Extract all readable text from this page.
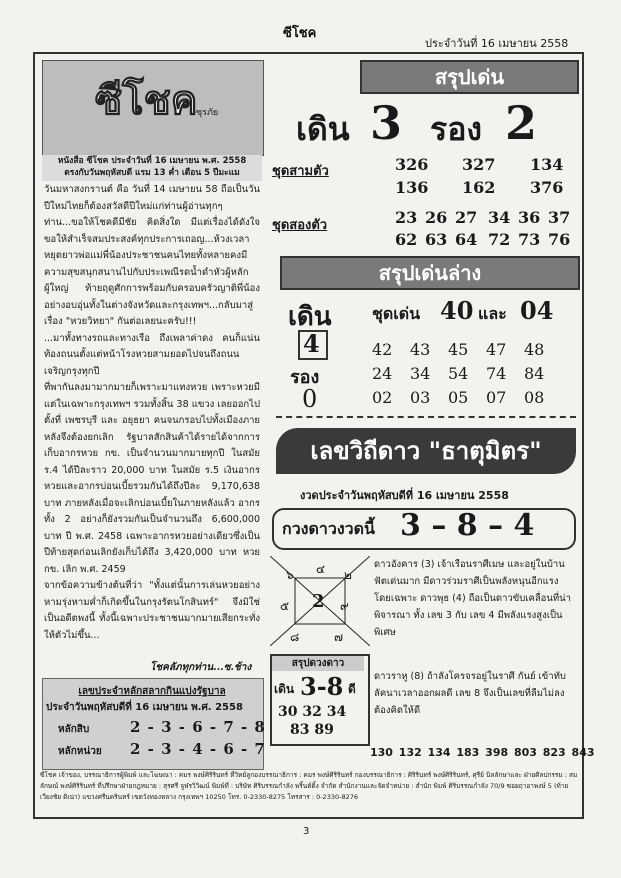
ซีโชค
ประจำวันที่ 16 เมษายน 2558
ซีโชค
ซุรภัย
หนังสือ ซีโชค ประจำวันที่ 16 เมษายน พ.ศ. 2558
ตรงกับวันพฤหัสบดี แรม 13 ค่ำ เดือน 5 ปีมะแม

วันมหาสงกรานต์ คือ วันที่ 14 เมษายน 58 ถือเป็นวันปีใหม่ไทยก็ต้องสวัสดีปีใหม่แก่ท่านผู้อ่านทุกๆท่าน...ขอให้โชคดีมีชัย คิดสิ่งใด มีแต่เรื่องได้ดังใจ ขอให้สำเร็จสมประสงค์ทุกประการเถอญ...ห้วงเวลาหยุดยาวพ่อแม่พี่น้องประชาชนคนไทยทั้งหลายคงมีความสุขสนุกสนานไปกับประเพณีรดน้ำดำหัวผู้หลักผู้ใหญ่ ท้ายฤดูศักการพร้อมกับครอบครัวญาติพี่น้องอย่างอบอุ่นทั้งในต่างจังหวัดและกรุงเทพฯ...กลับมาสู่เรื่อง "หวยวิทยา" กันต่อเลยนะครับ!!!

...มาทั้งทางรถและทางเรือ ถึงเพลาค่าดง คนก็แน่นท้องถนนตั้งแต่หน้าโรงหวยสามยอดไปจนถึงถนนเจริญกรุงทุกปี

ที่พากันลงมามากมายก็เพราะมาแทงหวย เพราะหวยมีแต่ในเฉพาะกรุงเทพฯ รวมทั้งสิ้น 38 แขวง เลยออกไปตั้งที่ เพชรบุรี และ อยุธยา คนจนกรอบไปทั้งเมืองภายหลังจึงต้องยกเลิก รัฐบาลสักสินค้าได้รายได้จากการเก็บอากรหวย กข. เป็นจำนวนมากมายทุกปี ในสมัย ร.4 ได้ปีละราว 20,000 บาท ในสมัย ร.5 เงินอากรหวยและอากรบ่อนเบี้ยรวมกันได้ถึงปีละ 9,170,638 บาท ภายหลังเมื่อจะเลิกบ่อนเบี้ยในภายหลังแล้ว อากรทั้ง 2 อย่างก็ยังรวมกันเป็นจำนวนถึง 6,600,000 บาท ปี พ.ศ. 2458 เฉพาะอากรหวยอย่างเดียวซึ่งเป็นปีท้ายสุดก่อนเลิกยังเก็บได้ถึง 3,420,000 บาท หวย กข. เลิก พ.ศ. 2459

จากข้อความข้างต้นที่ว่า "ทั้งแต่นั้นการเล่นหวยอย่างหามรุ่งหามค่ำก็เกิดขึ้นในกรุงรัตนโกสินทร์" จึงมิใช่เป็นอดีตพงนี้ ทั้งนี้เฉพาะประชาชนมากมายเสียกระทั่งให้ตัวไม่ขึ้น...

โชคลัภทุกท่าน...ซ.ช้าง
เลขประจำหลักสลากกินแบ่งรัฐบาล
ประจำวันพฤหัสบดีที่ 16 เมษายน พ.ศ. 2558
หลักสิบ	2 - 3 - 6 - 7 - 8
หลักหน่วย 2 - 3 - 4 - 6 - 7
สรุปเด่น
เดิน 3 รอง 2
ชุดสามตัว	326 327 134
136 162 376
ชุดสองตัว	23 26 27 34 36 37
62 63 64 72 73 76
สรุปเด่นล่าง
เดิน
4
รอง
0
ชุดเด่น 40 และ 04
42 43 45 47 48
24 34 54 74 84
02 03 05 07 08
เลขวิถีดาว "ธาตุมิตร"
งวดประจำวันพฤหัสบดีที่ 16 เมษายน 2558
กวงดาวงวดนี้ 3 – 8 – 4
๖ ๔ ๒
๕ 2 ๙
๘	๗
ดาวอังคาร (3) เจ้าเรือนราศีเมษ และอยู่ในบ้านฟัตเด่นมาก มีดาวร่วมราศีเป็นพลังหนุนอีกแรง โดยเฉพาะ ดาวพุธ (4) ถือเป็นดาวขับเคลื่อนที่น่าพิจารณา ทั้ง เลข 3 กับ เลข 4 มีพลังแรงสูงเป็นพิเศษ
ดาวราหู (8) ถ้าลังโครจรอยู่ในราศี กันย์ เข้าทับลัคนาเวลาออกผลดี เลข 8 จึงเป็นเลขที่ลืมไม่ลงต้องคิดให้ดี
สรุปดวงดาว
เดิน 3-8 ดี
30 32 34
83 89
130 132 134 183 398 803 823 843
ซีโชค เจ้าของ, บรรณาธิการผู้พิมพ์ และโฆษณา : คมร พงษ์ศิริรินทร์ ที่วิทย์ลูกองบรรณาธิการ : คมร พงษ์ศิริรินทร์ กองบรรณาธิการ : ศิริรินทร์ พงษ์ศิริรินทร์, ศุรีย์ นิลลักษาและ ฝ่ายศิลปกรรม : สมลักษณ์ พงษ์ศิริรินทร์ ที่ปรึกษาฝ่ายกฎหมาย : สุรศรี จูฬรวิวิฒน์ พิมพ์ที่ : บริษัท ศิริบรรณกำลัง พริ้นต์ติ้ง จำกัด สำนักงานและจัดจำหน่าย : สำนัก พิมพ์ ศิริบรรณกำลัง 70/9 ซอยฤาอาพงษ์ 5 (ท้ายเวียงชัย ดิเน่า) แขวงศรีนครินทร์ เขตวังทองหลาง กรุงเทพฯ 10250 โทร. 0-2330-8275 โทรสาร : 0-2330-8276
3
